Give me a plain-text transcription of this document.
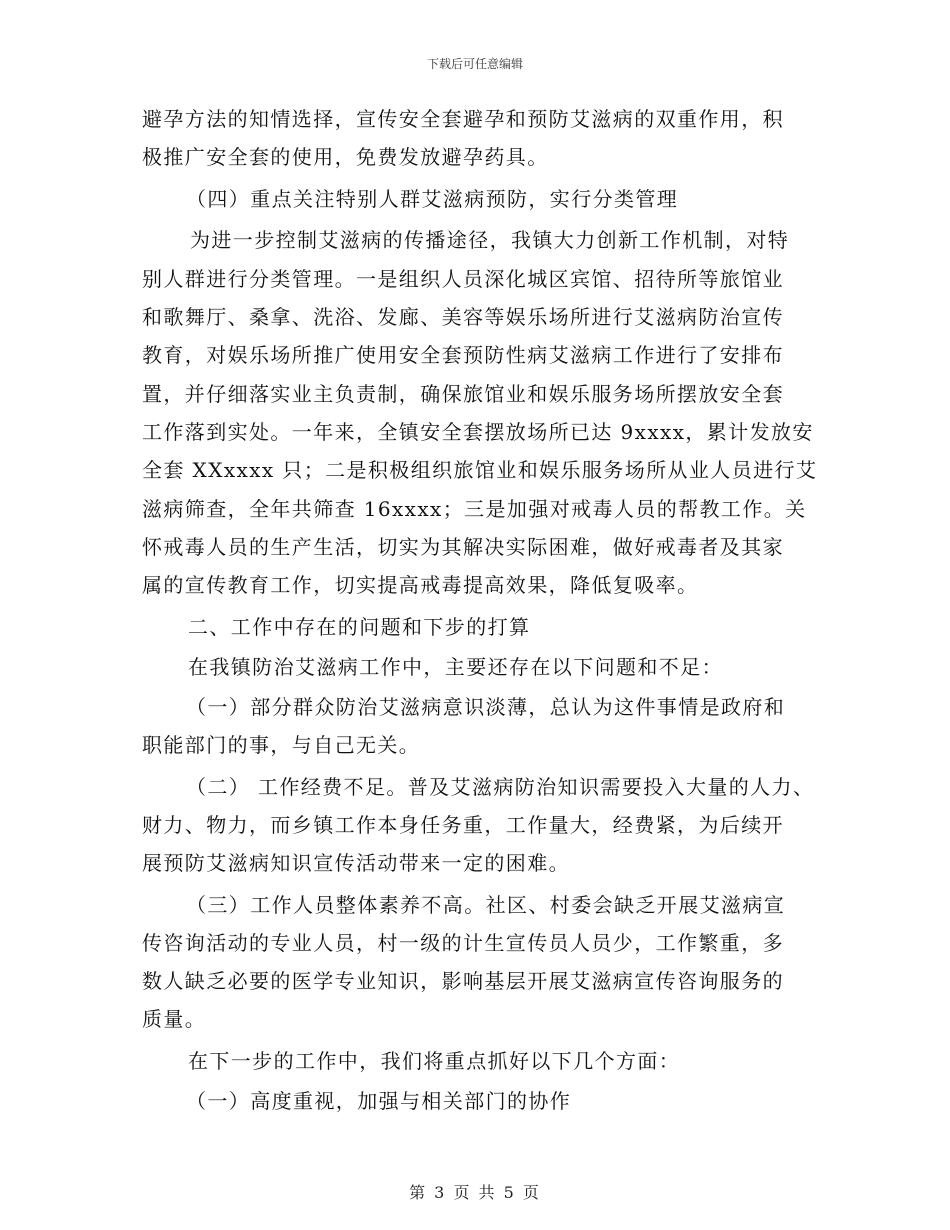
下载后可任意编辑
避孕方法的知情选择，宣传安全套避孕和预防艾滋病的双重作用，积
极推广安全套的使用，免费发放避孕药具。
（四）重点关注特别人群艾滋病预防，实行分类管理
为进一步控制艾滋病的传播途径，我镇大力创新工作机制，对特
别人群进行分类管理。一是组织人员深化城区宾馆、招待所等旅馆业
和歌舞厅、桑拿、洗浴、发廊、美容等娱乐场所进行艾滋病防治宣传
教育，对娱乐场所推广使用安全套预防性病艾滋病工作进行了安排布
置，并仔细落实业主负责制，确保旅馆业和娱乐服务场所摆放安全套
工作落到实处。一年来，全镇安全套摆放场所已达 9xxxx，累计发放安
全套 XXxxxx 只；二是积极组织旅馆业和娱乐服务场所从业人员进行艾
滋病筛查，全年共筛查 16xxxx；三是加强对戒毒人员的帮教工作。关
怀戒毒人员的生产生活，切实为其解决实际困难，做好戒毒者及其家
属的宣传教育工作，切实提高戒毒提高效果，降低复吸率。
二、工作中存在的问题和下步的打算
在我镇防治艾滋病工作中，主要还存在以下问题和不足：
（一）部分群众防治艾滋病意识淡薄，总认为这件事情是政府和
职能部门的事，与自己无关。
（二） 工作经费不足。普及艾滋病防治知识需要投入大量的人力、
财力、物力，而乡镇工作本身任务重，工作量大，经费紧，为后续开
展预防艾滋病知识宣传活动带来一定的困难。
（三）工作人员整体素养不高。社区、村委会缺乏开展艾滋病宣
传咨询活动的专业人员，村一级的计生宣传员人员少，工作繁重，多
数人缺乏必要的医学专业知识，影响基层开展艾滋病宣传咨询服务的
质量。
在下一步的工作中，我们将重点抓好以下几个方面：
（一）高度重视，加强与相关部门的协作
第 3 页 共 5 页
